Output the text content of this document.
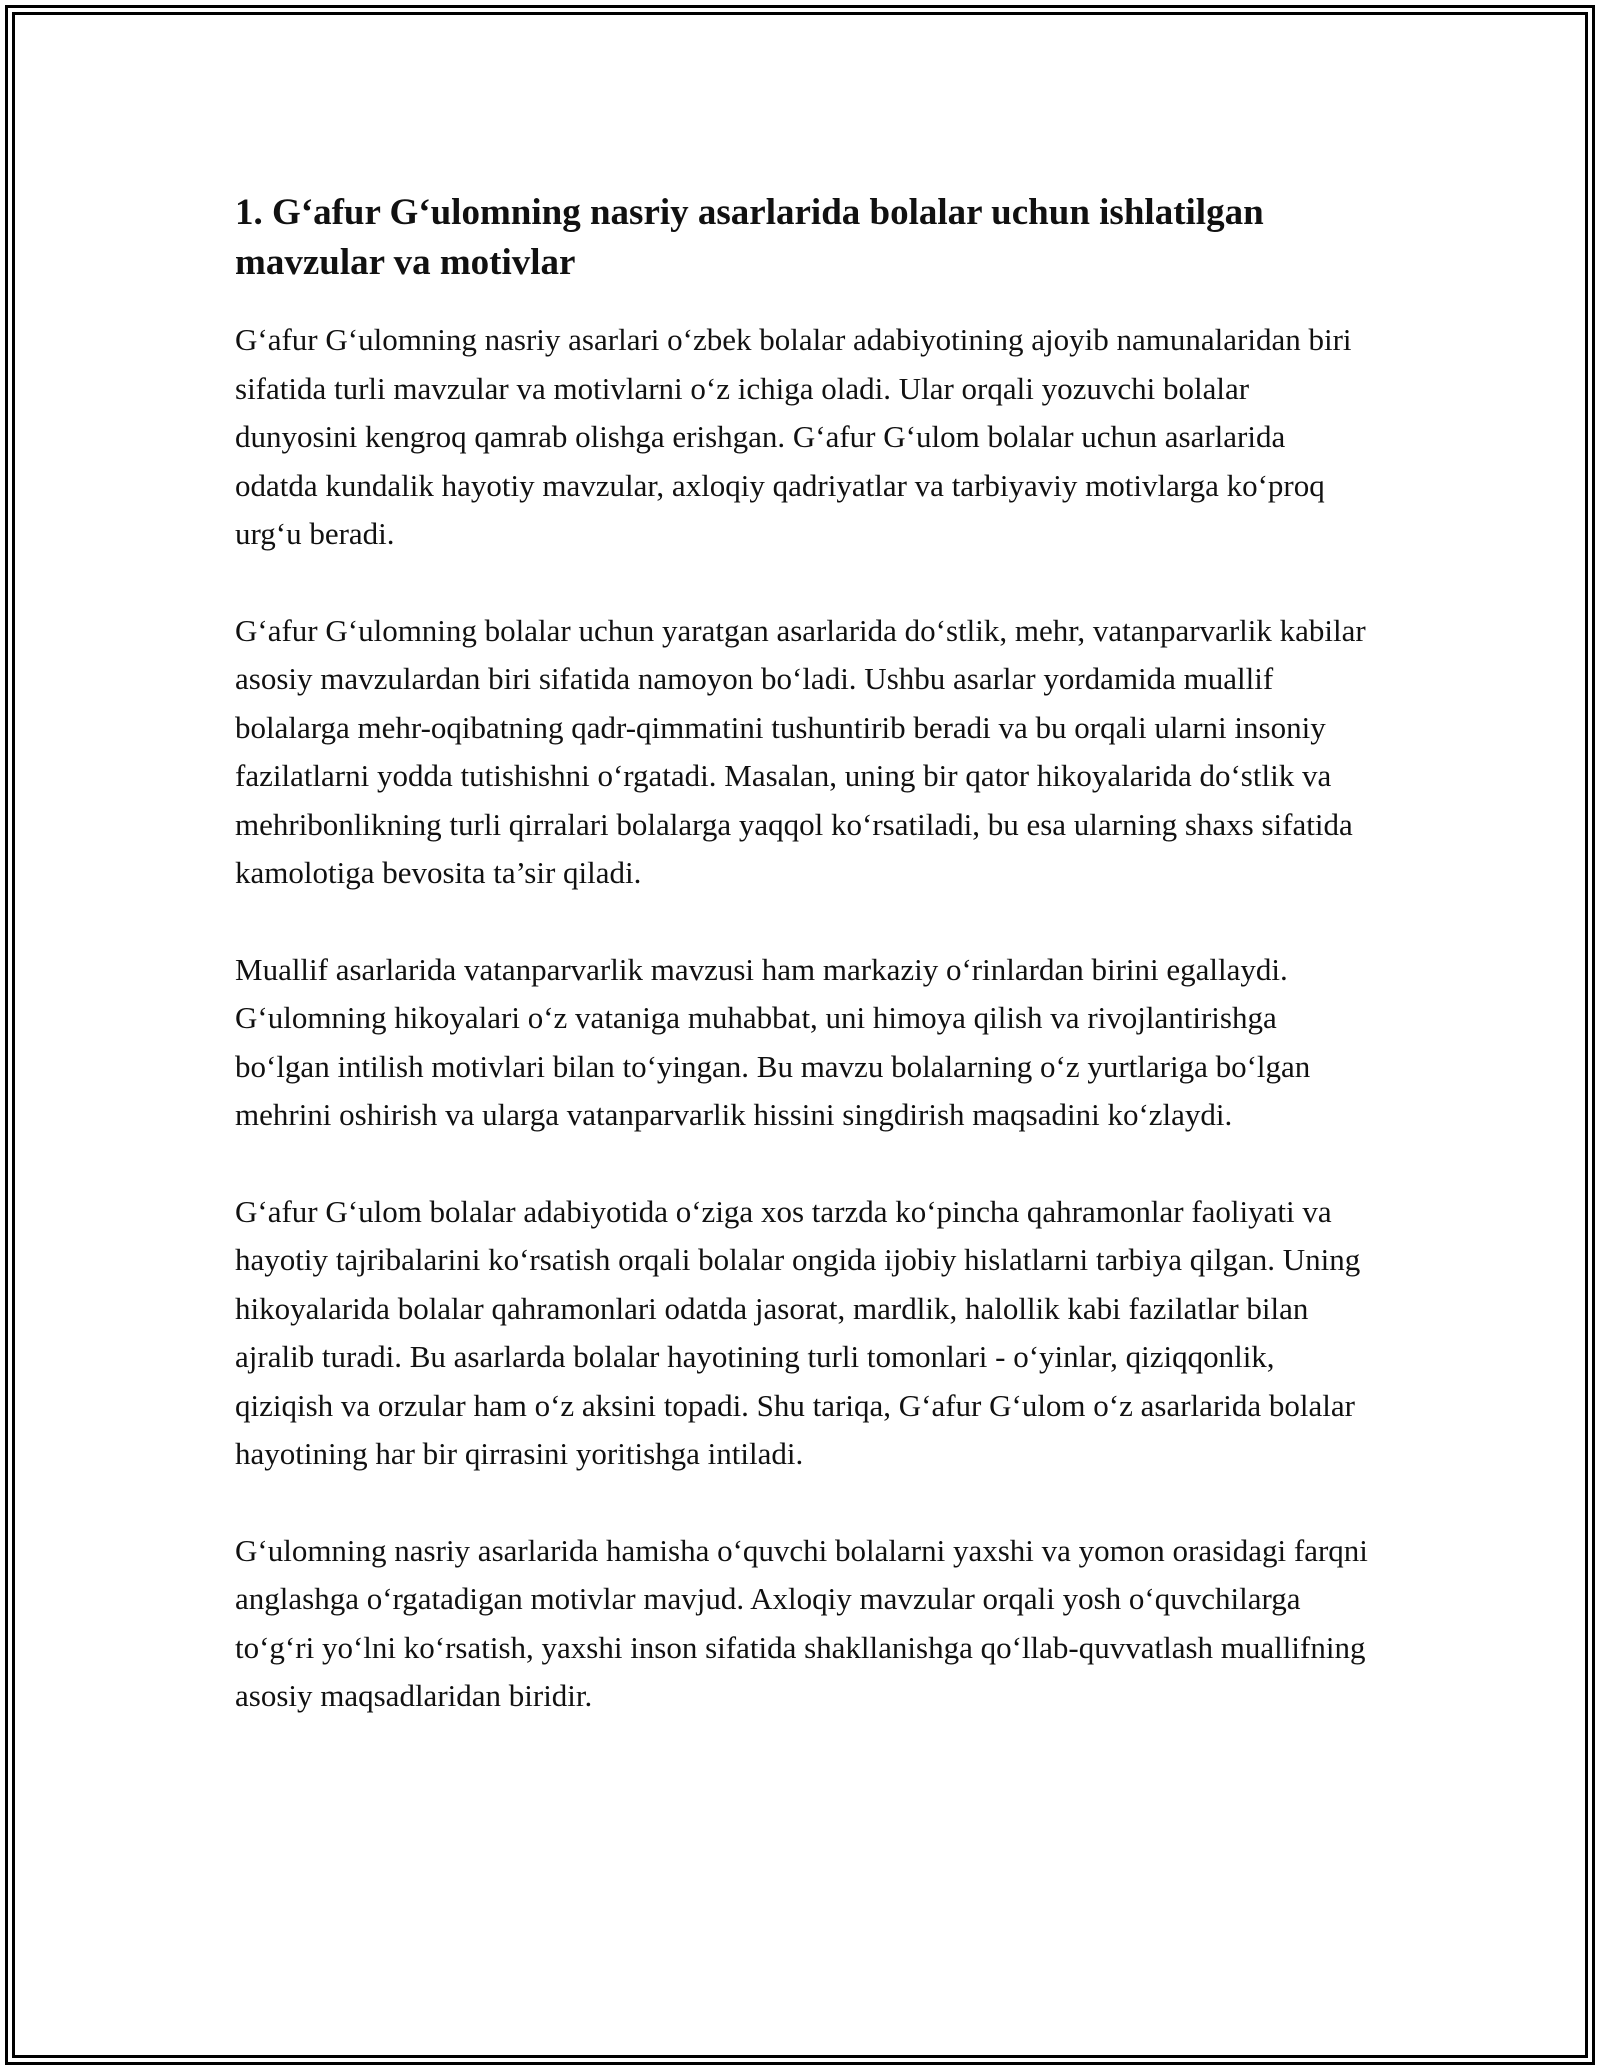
1. G‘afur G‘ulomning nasriy asarlarida bolalar uchun ishlatilgan mavzular va motivlar

G‘afur G‘ulomning nasriy asarlari o‘zbek bolalar adabiyotining ajoyib namunalaridan biri sifatida turli mavzular va motivlarni o‘z ichiga oladi. Ular orqali yozuvchi bolalar dunyosini kengroq qamrab olishga erishgan. G‘afur G‘ulom bolalar uchun asarlarida odatda kundalik hayotiy mavzular, axloqiy qadriyatlar va tarbiyaviy motivlarga ko‘proq urg‘u beradi.

G‘afur G‘ulomning bolalar uchun yaratgan asarlarida do‘stlik, mehr, vatanparvarlik kabilar asosiy mavzulardan biri sifatida namoyon bo‘ladi. Ushbu asarlar yordamida muallif bolalarga mehr-oqibatning qadr-qimmatini tushuntirib beradi va bu orqali ularni insoniy fazilatlarni yodda tutishishni o‘rgatadi. Masalan, uning bir qator hikoyalarida do‘stlik va mehribonlikning turli qirralari bolalarga yaqqol ko‘rsatiladi, bu esa ularning shaxs sifatida kamolotiga bevosita ta’sir qiladi.

Muallif asarlarida vatanparvarlik mavzusi ham markaziy o‘rinlardan birini egallaydi. G‘ulomning hikoyalari o‘z vataniga muhabbat, uni himoya qilish va rivojlantirishga bo‘lgan intilish motivlari bilan to‘yingan. Bu mavzu bolalarning o‘z yurtlariga bo‘lgan mehrini oshirish va ularga vatanparvarlik hissini singdirish maqsadini ko‘zlaydi.

G‘afur G‘ulom bolalar adabiyotida o‘ziga xos tarzda ko‘pincha qahramonlar faoliyati va hayotiy tajribalarini ko‘rsatish orqali bolalar ongida ijobiy hislatlarni tarbiya qilgan. Uning hikoyalarida bolalar qahramonlari odatda jasorat, mardlik, halollik kabi fazilatlar bilan ajralib turadi. Bu asarlarda bolalar hayotining turli tomonlari - o‘yinlar, qiziqqonlik, qiziqish va orzular ham o‘z aksini topadi. Shu tariqa, G‘afur G‘ulom o‘z asarlarida bolalar hayotining har bir qirrasini yoritishga intiladi.

G‘ulomning nasriy asarlarida hamisha o‘quvchi bolalarni yaxshi va yomon orasidagi farqni anglashga o‘rgatadigan motivlar mavjud. Axloqiy mavzular orqali yosh o‘quvchilarga to‘g‘ri yo‘lni ko‘rsatish, yaxshi inson sifatida shakllanishga qo‘llab-quvvatlash muallifning asosiy maqsadlaridan biridir.
